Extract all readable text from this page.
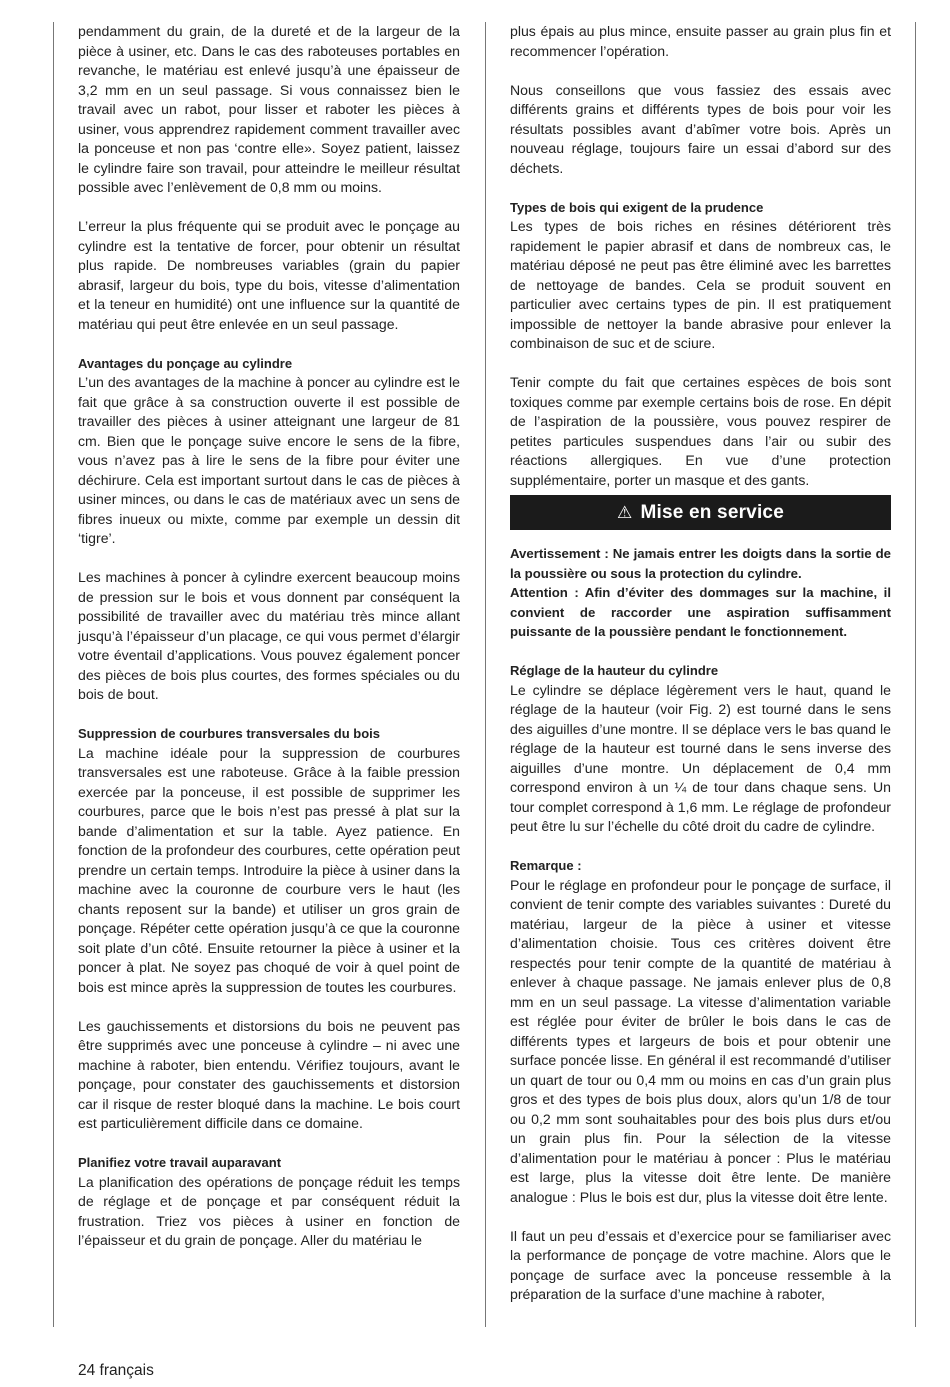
pendamment du grain, de la dureté et de la largeur de la pièce à usiner, etc. Dans le cas des raboteuses portables en revanche, le matériau est enlevé jusqu’à une épaisseur de 3,2 mm en un seul passage. Si vous connaissez bien le travail avec un rabot, pour lisser et raboter les pièces à usiner, vous apprendrez rapidement comment travailler avec la ponceuse et non pas ‘contre elle». Soyez patient, laissez le cylindre faire son travail, pour atteindre le meilleur résultat possible avec l’enlèvement de 0,8 mm ou moins.

L’erreur la plus fréquente qui se produit avec le ponçage au cylindre est la tentative de forcer, pour obtenir un résultat plus rapide. De nombreuses variables (grain du papier abrasif, largeur du bois, type du bois, vitesse d’alimentation et la teneur en humidité) ont une influence sur la quantité de matériau qui peut être enlevée en un seul passage.

Avantages du ponçage au cylindre

L’un des avantages de la machine à poncer au cylindre est le fait que grâce à sa construction ouverte il est possible de travailler des pièces à usiner atteignant une largeur de 81 cm. Bien que le ponçage suive encore le sens de la fibre, vous n’avez pas à lire le sens de la fibre pour éviter une déchirure. Cela est important surtout dans le cas de pièces à usiner minces, ou dans le cas de matériaux avec un sens de fibres inueux ou mixte, comme par exemple un dessin dit ‘tigre’.

Les machines à poncer à cylindre exercent beaucoup moins de pression sur le bois et vous donnent par conséquent la possibilité de travailler avec du matériau très mince allant jusqu’à l’épaisseur d’un placage, ce qui vous permet d’élargir votre éventail d’applications. Vous pouvez également poncer des pièces de bois plus courtes, des formes spéciales ou du bois de bout.

Suppression de courbures transversales du bois

La machine idéale pour la suppression de courbures transversales est une raboteuse. Grâce à la faible pression exercée par la ponceuse, il est possible de supprimer les courbures, parce que le bois n’est pas pressé à plat sur la bande d’alimentation et sur la table. Ayez patience. En fonction de la profondeur des courbures, cette opération peut prendre un certain temps. Introduire la pièce à usiner dans la machine avec la couronne de courbure vers le haut (les chants reposent sur la bande) et utiliser un gros grain de ponçage. Répéter cette opération jusqu’à ce que la couronne soit plate d’un côté. Ensuite retourner la pièce à usiner et la poncer à plat. Ne soyez pas choqué de voir à quel point de bois est mince après la suppression de toutes les courbures.

Les gauchissements et distorsions du bois ne peuvent pas être supprimés avec une ponceuse à cylindre – ni avec une machine à raboter, bien entendu. Vérifiez toujours, avant le ponçage, pour constater des gauchissements et distorsion car il risque de rester bloqué dans la machine. Le bois court est particulièrement difficile dans ce domaine.

Planifiez votre travail auparavant

La planification des opérations de ponçage réduit les temps de réglage et de ponçage et par conséquent réduit la frustration. Triez vos pièces à usiner en fonction de l’épaisseur et du grain de ponçage. Aller du matériau le

plus épais au plus mince, ensuite passer au grain plus fin et recommencer l’opération.

Nous conseillons que vous fassiez des essais avec différents grains et différents types de bois pour voir les résultats possibles avant d’abîmer votre bois. Après un nouveau réglage, toujours faire un essai d’abord sur des déchets.

Types de bois qui exigent de la prudence

Les types de bois riches en résines détériorent très rapidement le papier abrasif et dans de nombreux cas, le matériau déposé ne peut pas être éliminé avec les barrettes de nettoyage de bandes. Cela se produit souvent en particulier avec certains types de pin. Il est pratiquement impossible de nettoyer la bande abrasive pour enlever la combinaison de suc et de sciure.

Tenir compte du fait que certaines espèces de bois sont toxiques comme par exemple certains bois de rose. En dépit de l’aspiration de la poussière, vous pouvez respirer de petites particules suspendues dans l’air ou subir des réactions allergiques. En vue d’une protection supplémentaire, porter un masque et des gants.

⚠ Mise en service

Avertissement : Ne jamais entrer les doigts dans la sortie de la poussière ou sous la protection du cylindre.

Attention : Afin d’éviter des dommages sur la machine, il convient de raccorder une aspiration suffisamment puissante de la poussière pendant le fonctionnement.

Réglage de la hauteur du cylindre

Le cylindre se déplace légèrement vers le haut, quand le réglage de la hauteur (voir Fig. 2) est tourné dans le sens des aiguilles d’une montre. Il se déplace vers le bas quand le réglage de la hauteur est tourné dans le sens inverse des aiguilles d’une montre. Un déplacement de 0,4 mm correspond environ à un ¼ de tour dans chaque sens. Un tour complet correspond à 1,6 mm. Le réglage de profondeur peut être lu sur l’échelle du côté droit du cadre de cylindre.

Remarque :

Pour le réglage en profondeur pour le ponçage de surface, il convient de tenir compte des variables suivantes : Dureté du matériau, largeur de la pièce à usiner et vitesse d’alimentation choisie. Tous ces critères doivent être respectés pour tenir compte de la quantité de matériau à enlever à chaque passage. Ne jamais enlever plus de 0,8 mm en un seul passage. La vitesse d’alimentation variable est réglée pour éviter de brûler le bois dans le cas de différents types et largeurs de bois et pour obtenir une surface poncée lisse. En général il est recommandé d’utiliser un quart de tour ou 0,4 mm ou moins en cas d’un grain plus gros et des types de bois plus doux, alors qu’un 1/8 de tour ou 0,2 mm sont souhaitables pour des bois plus durs et/ou un grain plus fin. Pour la sélection de la vitesse d’alimentation pour le matériau à poncer : Plus le matériau est large, plus la vitesse doit être lente. De manière analogue : Plus le bois est dur, plus la vitesse doit être lente.

Il faut un peu d’essais et d’exercice pour se familiariser avec la performance de ponçage de votre machine. Alors que le ponçage de surface avec la ponceuse ressemble à la préparation de la surface d’une machine à raboter,

24 français
